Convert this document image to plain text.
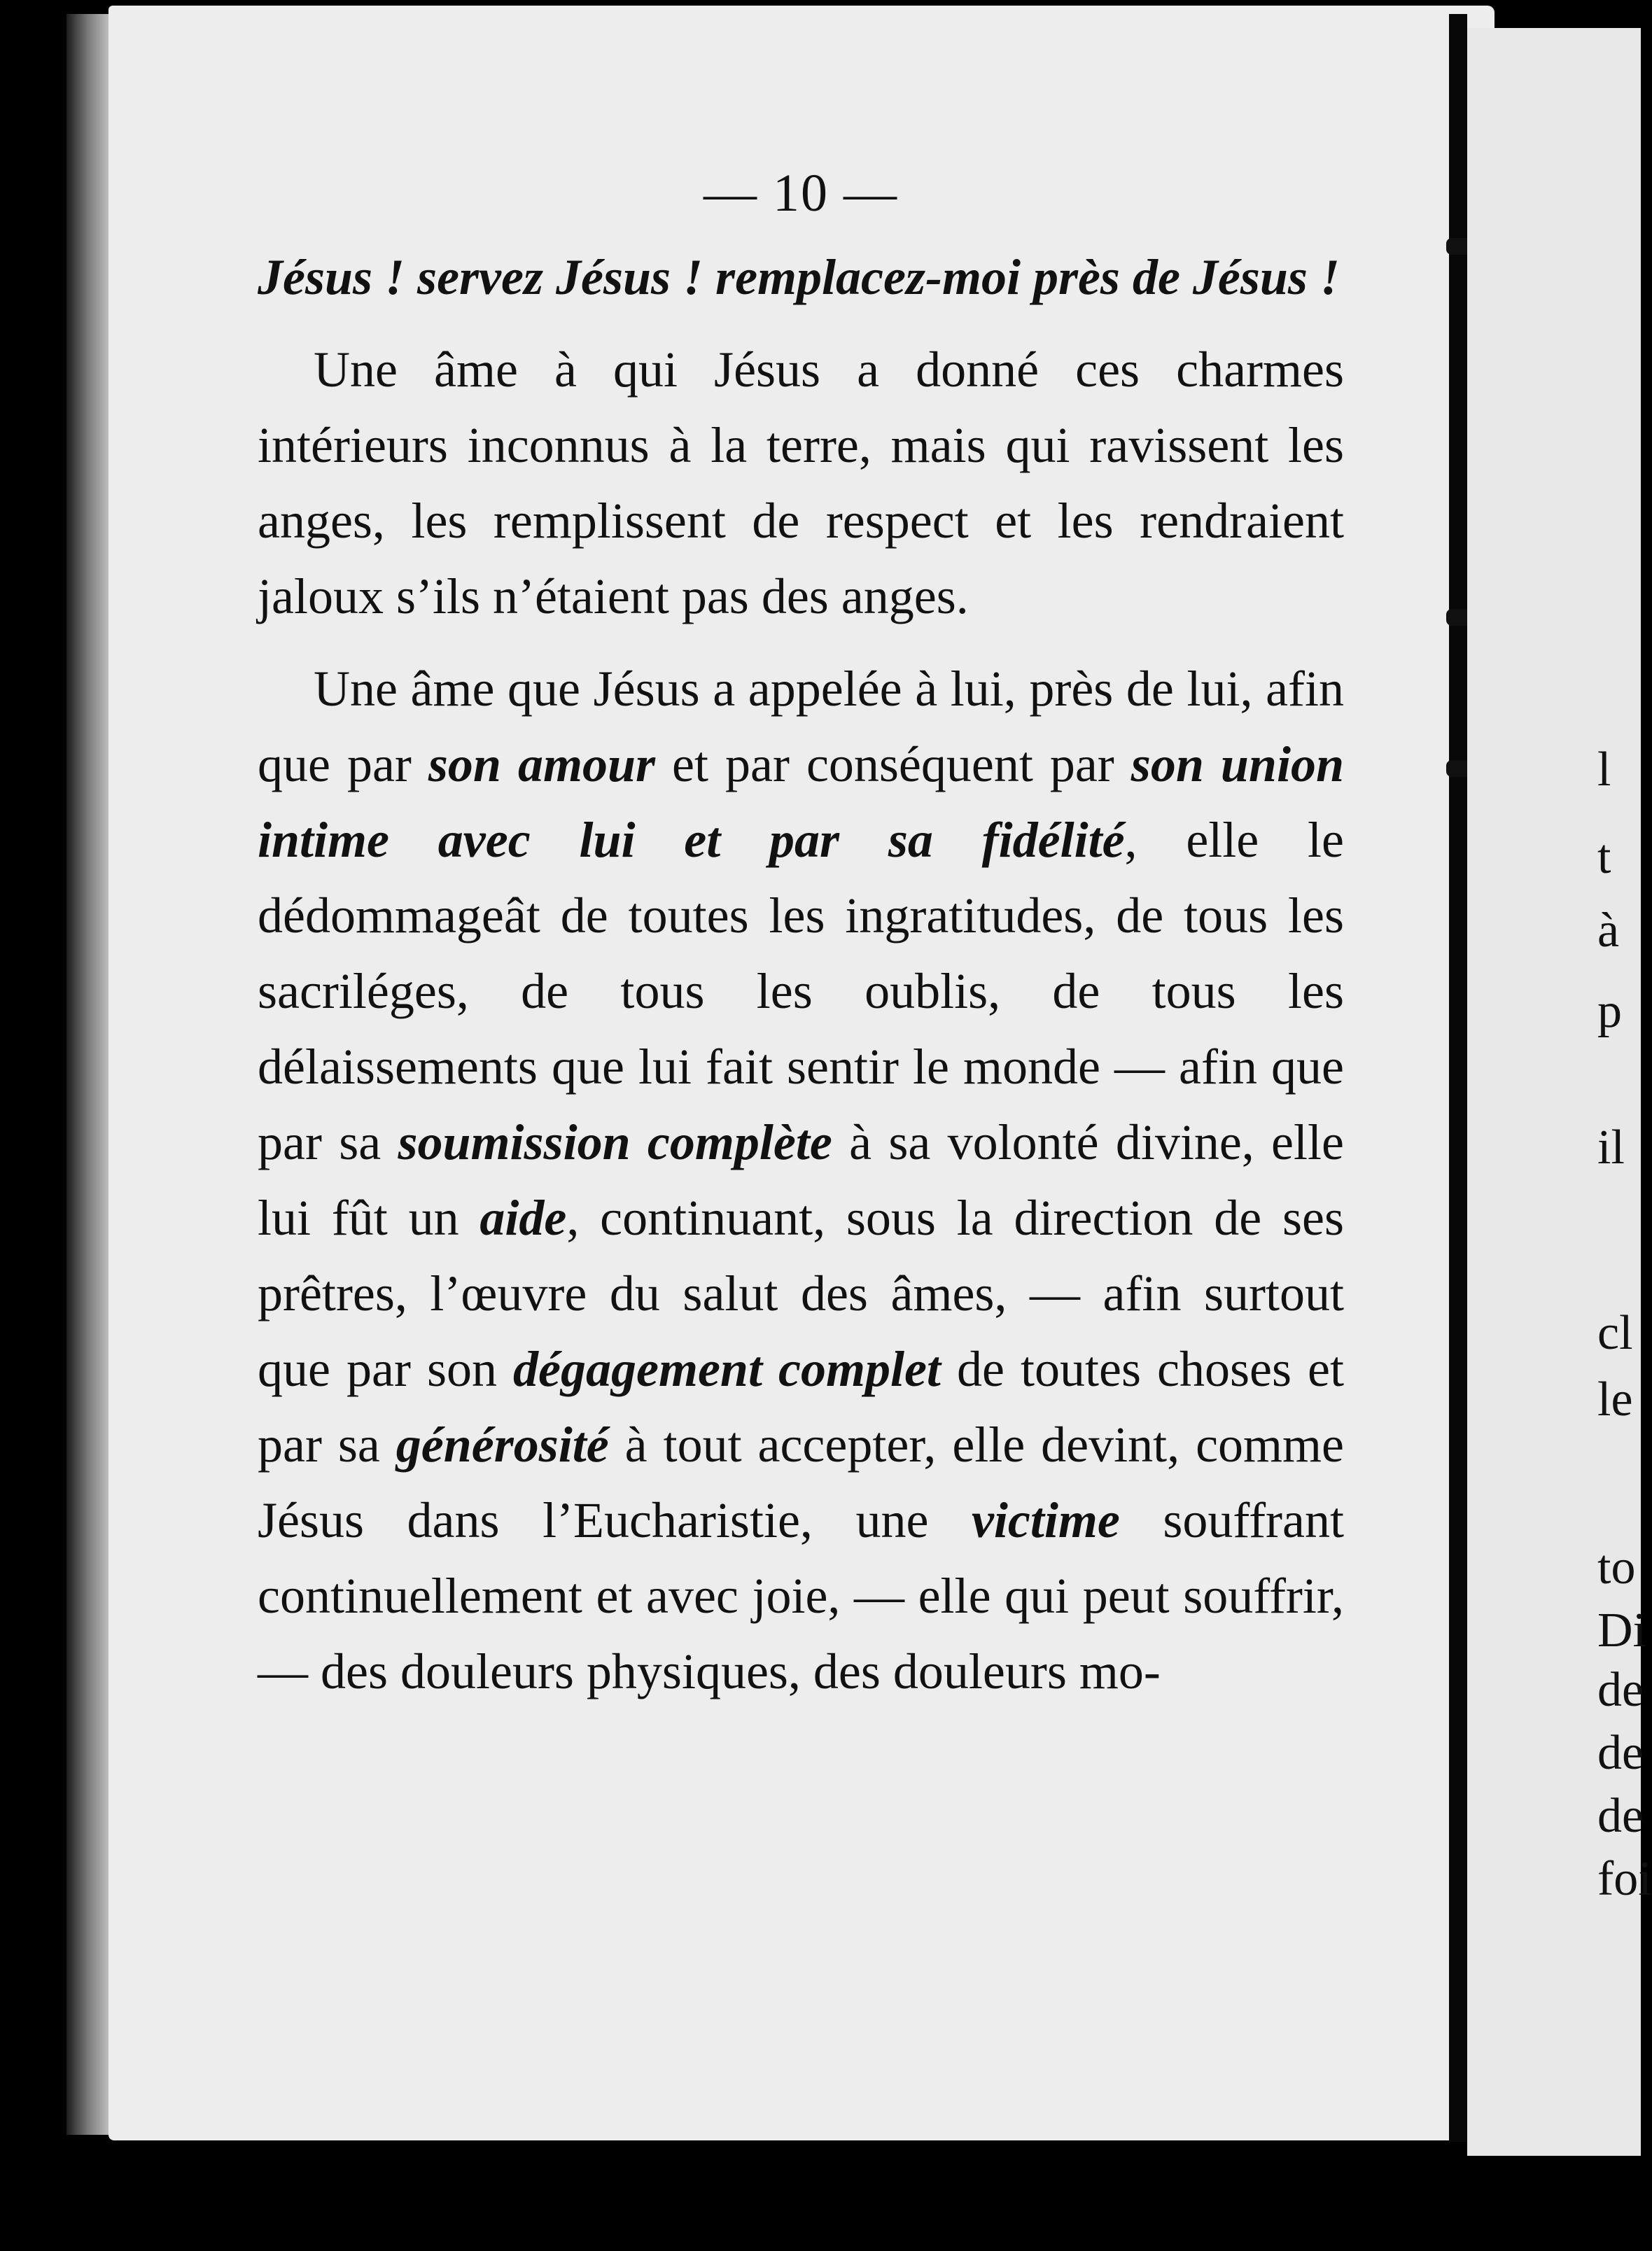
l
t
à
p
il
cl
le
to
Di
de
de
de
foi
— 10 —

Jésus ! servez Jésus ! remplacez-moi près de Jésus !

Une âme à qui Jésus a donné ces charmes intérieurs inconnus à la terre, mais qui ravissent les anges, les remplissent de respect et les rendraient jaloux s’ils n’étaient pas des anges.

Une âme que Jésus a appelée à lui, près de lui, afin que par son amour et par conséquent par son union intime avec lui et par sa fidélité, elle le dédommageât de toutes les ingratitudes, de tous les sacriléges, de tous les oublis, de tous les délaissements que lui fait sentir le monde — afin que par sa soumission complète à sa volonté divine, elle lui fût un aide, continuant, sous la direction de ses prêtres, l’œuvre du salut des âmes, — afin surtout que par son dégagement complet de toutes choses et par sa générosité à tout accepter, elle devint, comme Jésus dans l’Eucharistie, une victime souffrant continuellement et avec joie, — elle qui peut souffrir, — des douleurs physiques, des douleurs mo-
